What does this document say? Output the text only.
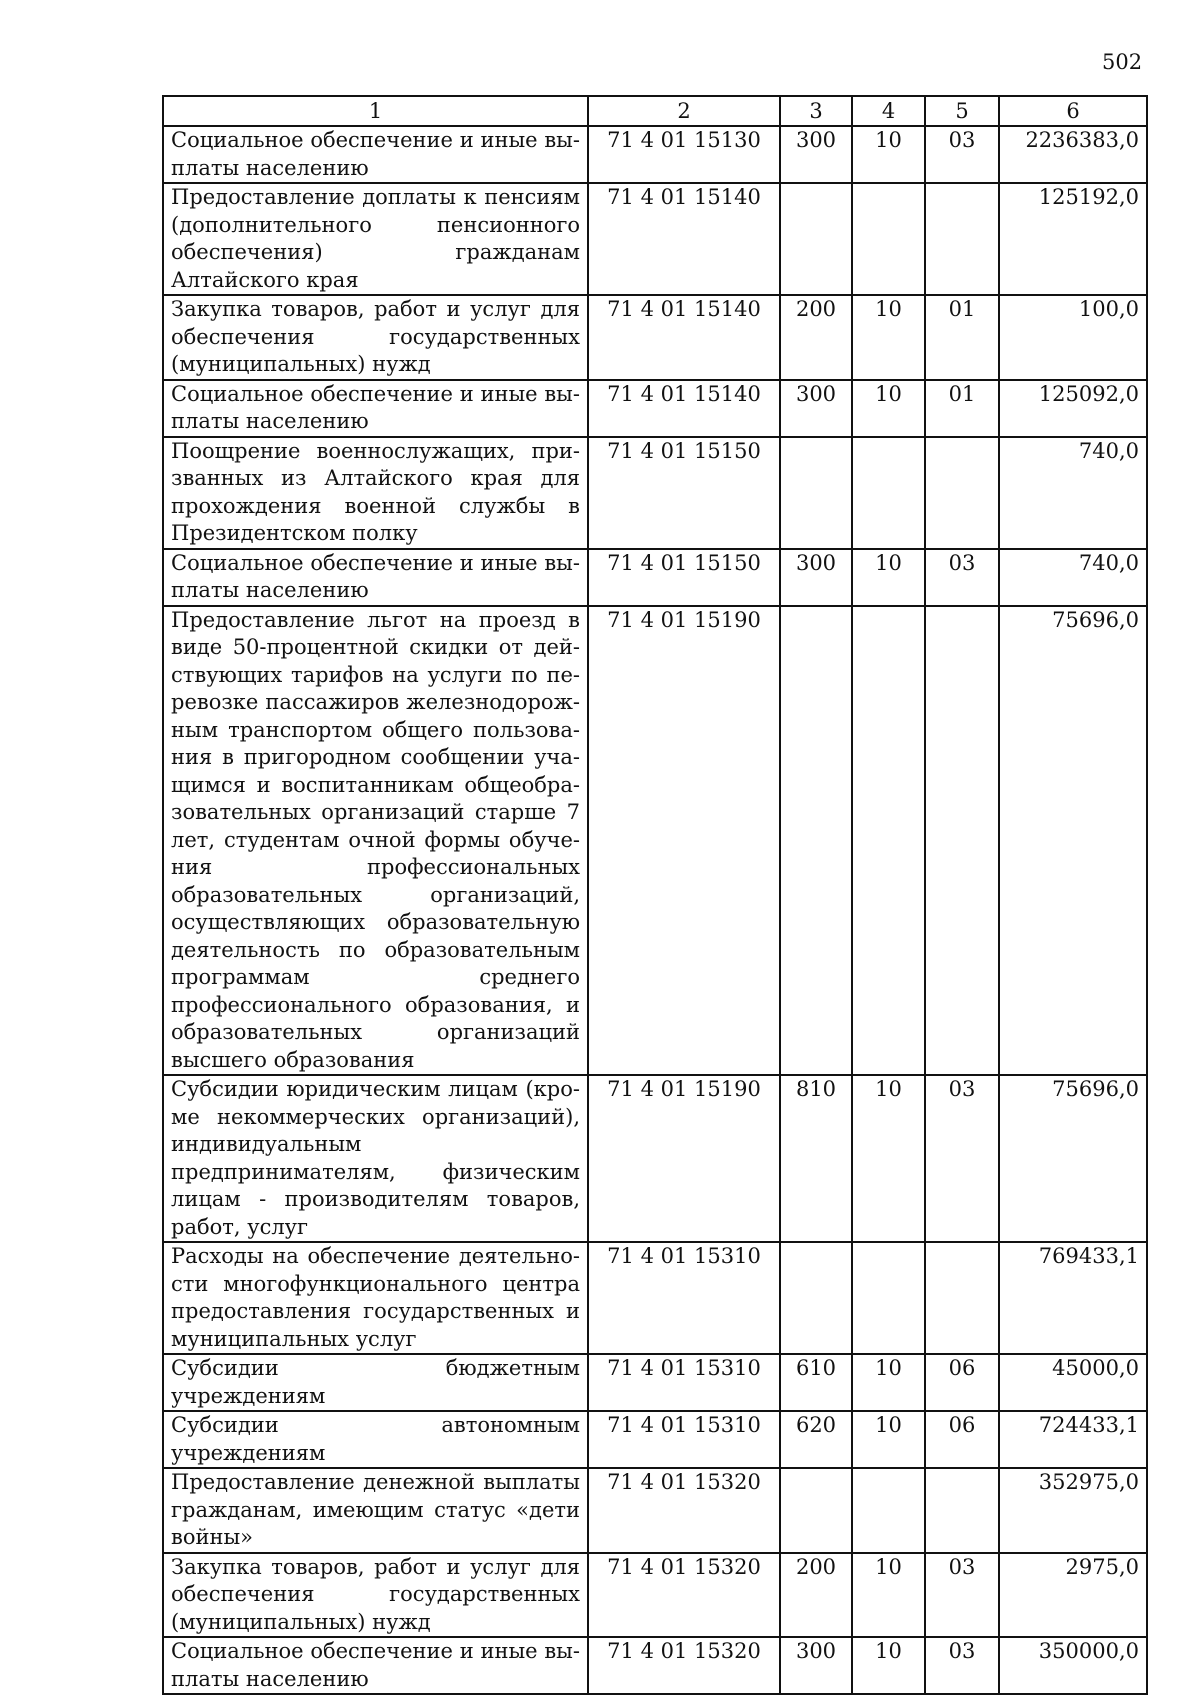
502
1	2	3	4	5	6
Социальное обеспечение и иные выплаты населению	71 4 01 15130	300	10	03	2236383,0
Предоставление доплаты к пенсиям (дополнительного пенсионного обеспечения) гражданам Алтайского края	71 4 01 15140				125192,0
Закупка товаров, работ и услуг для обеспечения государственных (муниципальных) нужд	71 4 01 15140	200	10	01	100,0
Социальное обеспечение и иные выплаты населению	71 4 01 15140	300	10	01	125092,0
Поощрение военнослужащих, призванных из Алтайского края для прохождения военной службы в Президентском полку	71 4 01 15150				740,0
Социальное обеспечение и иные выплаты населению	71 4 01 15150	300	10	03	740,0
Предоставление льгот на проезд в виде 50-процентной скидки от действующих тарифов на услуги по перевозке пассажиров железнодорожным транспортом общего пользования в пригородном сообщении учащимся и воспитанникам общеобразовательных организаций старше 7 лет, студентам очной формы обучения профессиональных образовательных организаций, осуществляющих образовательную деятельность по образовательным программам среднего профессионального образования, и образовательных организаций высшего образования	71 4 01 15190				75696,0
Субсидии юридическим лицам (кроме некоммерческих организаций), индивидуальным предпринимателям, физическим лицам - производителям товаров, работ, услуг	71 4 01 15190	810	10	03	75696,0
Расходы на обеспечение деятельности многофункционального центра предоставления государственных и муниципальных услуг	71 4 01 15310				769433,1
Субсидии бюджетным учреждениям	71 4 01 15310	610	10	06	45000,0
Субсидии автономным учреждениям	71 4 01 15310	620	10	06	724433,1
Предоставление денежной выплаты гражданам, имеющим статус «дети войны»	71 4 01 15320				352975,0
Закупка товаров, работ и услуг для обеспечения государственных (муниципальных) нужд	71 4 01 15320	200	10	03	2975,0
Социальное обеспечение и иные выплаты населению	71 4 01 15320	300	10	03	350000,0
